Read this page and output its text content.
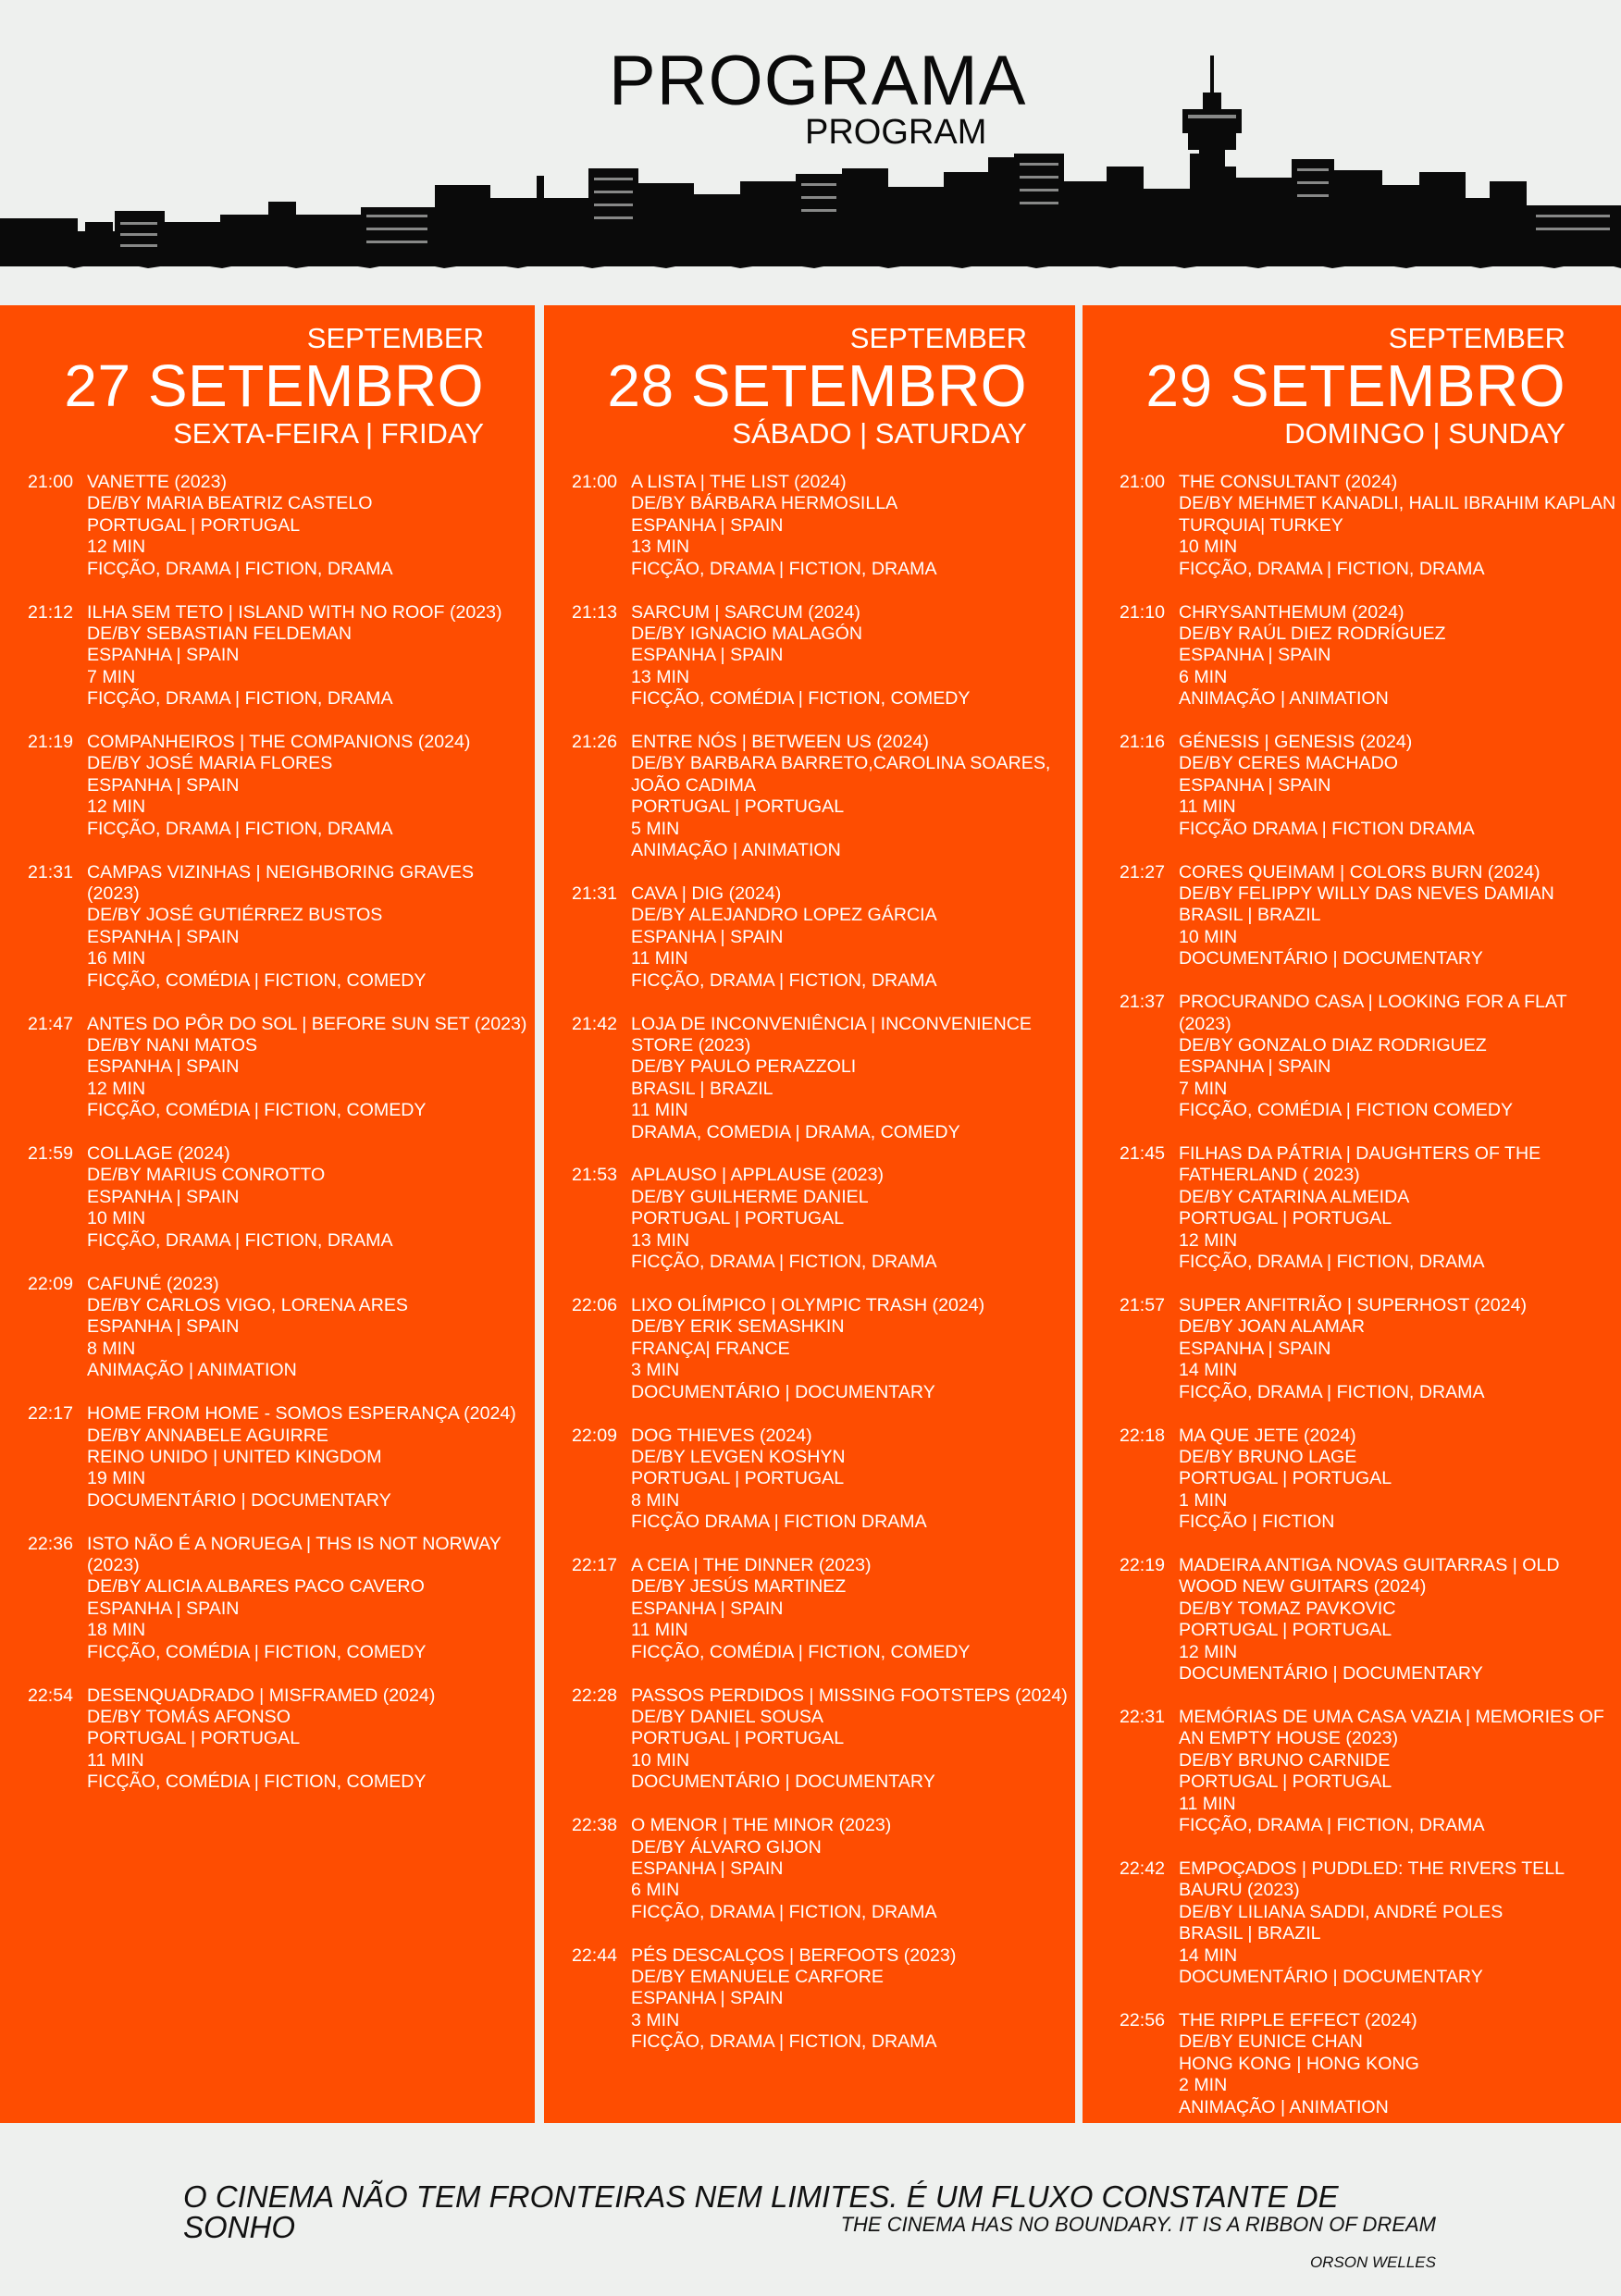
PROGRAMA
PROGRAM
SEPTEMBER
27 SETEMBRO
SEXTA-FEIRA | FRIDAY
21:00 VANETTE (2023)
DE/BY MARIA BEATRIZ CASTELO
PORTUGAL | PORTUGAL
12 MIN
FICÇÃO, DRAMA | FICTION, DRAMA
21:12 ILHA SEM TETO | ISLAND WITH NO ROOF (2023)
DE/BY SEBASTIAN FELDEMAN
ESPANHA | SPAIN
7 MIN
FICÇÃO, DRAMA | FICTION, DRAMA
21:19 COMPANHEIROS | THE COMPANIONS (2024)
DE/BY JOSÉ MARIA FLORES
ESPANHA | SPAIN
12 MIN
FICÇÃO, DRAMA | FICTION, DRAMA
21:31 CAMPAS VIZINHAS | NEIGHBORING GRAVES (2023)
DE/BY JOSÉ GUTIÉRREZ BUSTOS
ESPANHA | SPAIN
16 MIN
FICÇÃO, COMÉDIA | FICTION, COMEDY
21:47 ANTES DO PÔR DO SOL | BEFORE SUN SET (2023)
DE/BY NANI MATOS
ESPANHA | SPAIN
12 MIN
FICÇÃO, COMÉDIA | FICTION, COMEDY
21:59 COLLAGE (2024)
DE/BY MARIUS CONROTTO
ESPANHA | SPAIN
10 MIN
FICÇÃO, DRAMA | FICTION, DRAMA
22:09 CAFUNÉ (2023)
DE/BY CARLOS VIGO, LORENA ARES
ESPANHA | SPAIN
8 MIN
ANIMAÇÃO | ANIMATION
22:17 HOME FROM HOME - SOMOS ESPERANÇA (2024)
DE/BY ANNABELE AGUIRRE
REINO UNIDO | UNITED KINGDOM
19 MIN
DOCUMENTÁRIO | DOCUMENTARY
22:36 ISTO NÃO É A NORUEGA | THS IS NOT NORWAY (2023)
DE/BY ALICIA ALBARES PACO CAVERO
ESPANHA | SPAIN
18 MIN
FICÇÃO, COMÉDIA | FICTION, COMEDY
22:54 DESENQUADRADO | MISFRAMED (2024)
DE/BY TOMÁS AFONSO
PORTUGAL | PORTUGAL
11 MIN
FICÇÃO, COMÉDIA | FICTION, COMEDY
SEPTEMBER
28 SETEMBRO
SÁBADO | SATURDAY
21:00 A LISTA | THE LIST (2024)
DE/BY BÁRBARA HERMOSILLA
ESPANHA | SPAIN
13 MIN
FICÇÃO, DRAMA | FICTION, DRAMA
21:13 SARCUM | SARCUM (2024)
DE/BY IGNACIO MALAGÓN
ESPANHA | SPAIN
13 MIN
FICÇÃO, COMÉDIA | FICTION, COMEDY
21:26 ENTRE NÓS | BETWEEN US (2024)
DE/BY BARBARA BARRETO,CAROLINA SOARES, JOÃO CADIMA
PORTUGAL | PORTUGAL
5 MIN
ANIMAÇÃO | ANIMATION
21:31 CAVA | DIG (2024)
DE/BY ALEJANDRO LOPEZ GÁRCIA
ESPANHA | SPAIN
11 MIN
FICÇÃO, DRAMA | FICTION, DRAMA
21:42 LOJA DE INCONVENIÊNCIA | INCONVENIENCE STORE (2023)
DE/BY PAULO PERAZZOLI
BRASIL | BRAZIL
11 MIN
DRAMA, COMEDIA | DRAMA, COMEDY
21:53 APLAUSO | APPLAUSE (2023)
DE/BY GUILHERME DANIEL
PORTUGAL | PORTUGAL
13 MIN
FICÇÃO, DRAMA | FICTION, DRAMA
22:06 LIXO OLÍMPICO | OLYMPIC TRASH (2024)
DE/BY ERIK SEMASHKIN
FRANÇA| FRANCE
3 MIN
DOCUMENTÁRIO | DOCUMENTARY
22:09 DOG THIEVES (2024)
DE/BY LEVGEN KOSHYN
PORTUGAL | PORTUGAL
8 MIN
FICÇÃO DRAMA | FICTION DRAMA
22:17 A CEIA | THE DINNER (2023)
DE/BY JESÚS MARTINEZ
ESPANHA | SPAIN
11 MIN
FICÇÃO, COMÉDIA | FICTION, COMEDY
22:28 PASSOS PERDIDOS | MISSING FOOTSTEPS (2024)
DE/BY DANIEL SOUSA
PORTUGAL | PORTUGAL
10 MIN
DOCUMENTÁRIO | DOCUMENTARY
22:38 O MENOR | THE MINOR (2023)
DE/BY ÁLVARO GIJON
ESPANHA | SPAIN
6 MIN
FICÇÃO, DRAMA | FICTION, DRAMA
22:44 PÉS DESCALÇOS | BERFOOTS (2023)
DE/BY EMANUELE CARFORE
ESPANHA | SPAIN
3 MIN
FICÇÃO, DRAMA | FICTION, DRAMA
SEPTEMBER
29 SETEMBRO
DOMINGO | SUNDAY
21:00 THE CONSULTANT (2024)
DE/BY MEHMET KANADLI, HALIL IBRAHIM KAPLAN
TURQUIA| TURKEY
10 MIN
FICÇÃO, DRAMA | FICTION, DRAMA
21:10 CHRYSANTHEMUM (2024)
DE/BY RAÚL DIEZ RODRÍGUEZ
ESPANHA | SPAIN
6 MIN
ANIMAÇÃO | ANIMATION
21:16 GÉNESIS | GENESIS (2024)
DE/BY CERES MACHADO
ESPANHA | SPAIN
11 MIN
FICÇÃO DRAMA | FICTION DRAMA
21:27 CORES QUEIMAM | COLORS BURN (2024)
DE/BY FELIPPY WILLY DAS NEVES DAMIAN
BRASIL | BRAZIL
10 MIN
DOCUMENTÁRIO | DOCUMENTARY
21:37 PROCURANDO CASA | LOOKING FOR A FLAT (2023)
DE/BY GONZALO DIAZ RODRIGUEZ
ESPANHA | SPAIN
7 MIN
FICÇÃO, COMÉDIA | FICTION COMEDY
21:45 FILHAS DA PÁTRIA | DAUGHTERS OF THE FATHERLAND ( 2023)
DE/BY CATARINA ALMEIDA
PORTUGAL | PORTUGAL
12 MIN
FICÇÃO, DRAMA | FICTION, DRAMA
21:57 SUPER ANFITRIÃO | SUPERHOST (2024)
DE/BY JOAN ALAMAR
ESPANHA | SPAIN
14 MIN
FICÇÃO, DRAMA | FICTION, DRAMA
22:18 MA QUE JETE (2024)
DE/BY BRUNO LAGE
PORTUGAL | PORTUGAL
1 MIN
FICÇÃO | FICTION
22:19 MADEIRA ANTIGA NOVAS GUITARRAS | OLD WOOD NEW GUITARS (2024)
DE/BY TOMAZ PAVKOVIC
PORTUGAL | PORTUGAL
12 MIN
DOCUMENTÁRIO | DOCUMENTARY
22:31 MEMÓRIAS DE UMA CASA VAZIA | MEMORIES OF AN EMPTY HOUSE (2023)
DE/BY BRUNO CARNIDE
PORTUGAL | PORTUGAL
11 MIN
FICÇÃO, DRAMA | FICTION, DRAMA
22:42 EMPOÇADOS | PUDDLED: THE RIVERS TELL BAURU (2023)
DE/BY LILIANA SADDI, ANDRÉ POLES
BRASIL | BRAZIL
14 MIN
DOCUMENTÁRIO | DOCUMENTARY
22:56 THE RIPPLE EFFECT (2024)
DE/BY EUNICE CHAN
HONG KONG | HONG KONG
2 MIN
ANIMAÇÃO | ANIMATION
O CINEMA NÃO TEM FRONTEIRAS NEM LIMITES. É UM FLUXO CONSTANTE DE SONHO	THE CINEMA HAS NO BOUNDARY. IT IS A RIBBON OF DREAM
ORSON WELLES
